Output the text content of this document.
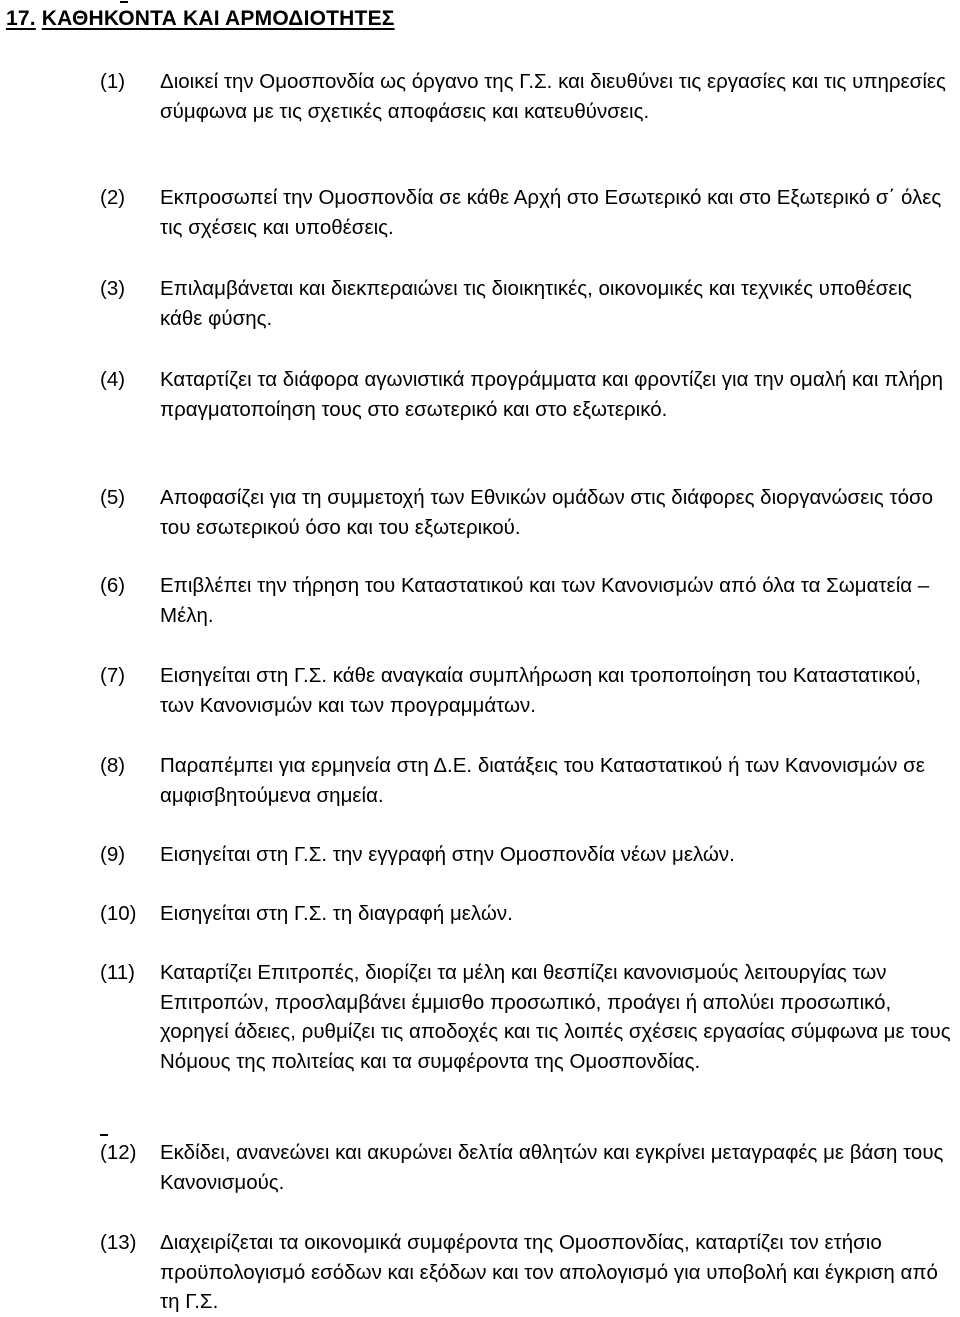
17. ΚΑΘΗΚΟΝΤΑ ΚΑΙ ΑΡΜΟΔΙΟΤΗΤΕΣ
(1)	Διοικεί την Ομοσπονδία ως όργανο της Γ.Σ. και διευθύνει τις εργασίες και τις υπηρεσίες σύμφωνα με τις σχετικές αποφάσεις και κατευθύνσεις.
(2)	Εκπροσωπεί την Ομοσπονδία σε κάθε Αρχή στο Εσωτερικό και στο Εξωτερικό σ΄ όλες τις σχέσεις και υποθέσεις.
(3)	Επιλαμβάνεται και διεκπεραιώνει τις διοικητικές, οικονομικές και τεχνικές υποθέσεις κάθε φύσης.
(4)	Καταρτίζει τα διάφορα αγωνιστικά προγράμματα και φροντίζει για την ομαλή και πλήρη πραγματοποίηση τους στο εσωτερικό και στο εξωτερικό.
(5)	Αποφασίζει για τη συμμετοχή των Εθνικών ομάδων στις διάφορες διοργανώσεις τόσο του εσωτερικού όσο και του εξωτερικού.
(6)	Επιβλέπει την τήρηση του Καταστατικού και των Κανονισμών από όλα τα Σωματεία – Μέλη.
(7)	Εισηγείται στη Γ.Σ. κάθε αναγκαία συμπλήρωση και τροποποίηση του Καταστατικού, των Κανονισμών και των προγραμμάτων.
(8)	Παραπέμπει για ερμηνεία στη Δ.Ε. διατάξεις του Καταστατικού ή των Κανονισμών σε αμφισβητούμενα σημεία.
(9)	Εισηγείται στη Γ.Σ. την εγγραφή στην Ομοσπονδία νέων μελών.
(10)	Εισηγείται στη Γ.Σ. τη διαγραφή μελών.
(11)	Καταρτίζει Επιτροπές, διορίζει τα μέλη και θεσπίζει κανονισμούς λειτουργίας των Επιτροπών, προσλαμβάνει έμμισθο προσωπικό, προάγει ή απολύει προσωπικό, χορηγεί άδειες, ρυθμίζει τις αποδοχές και τις λοιπές σχέσεις εργασίας σύμφωνα με τους Νόμους της πολιτείας και τα συμφέροντα της Ομοσπονδίας.
(12)	Εκδίδει, ανανεώνει και ακυρώνει δελτία αθλητών και εγκρίνει μεταγραφές με βάση τους Κανονισμούς.
(13)	Διαχειρίζεται τα οικονομικά συμφέροντα της Ομοσπονδίας, καταρτίζει τον ετήσιο προϋπολογισμό εσόδων και εξόδων και τον απολογισμό για υποβολή και έγκριση από τη Γ.Σ.
